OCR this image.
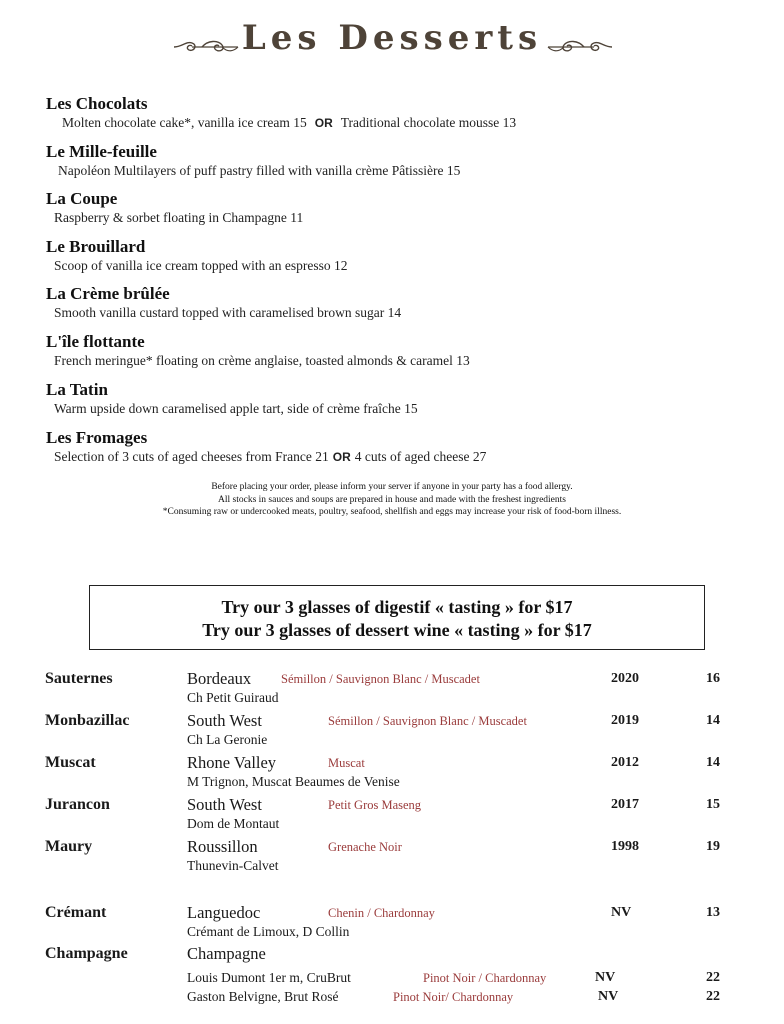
Les Desserts
Les Chocolats
Molten chocolate cake*, vanilla ice cream 15 OR Traditional chocolate mousse 13
Le Mille-feuille
Napoléon Multilayers of puff pastry filled with vanilla crème Pâtissière 15
La Coupe
Raspberry & sorbet floating in Champagne 11
Le Brouillard
Scoop of vanilla ice cream topped with an espresso 12
La Crème brûlée
Smooth vanilla custard topped with caramelised brown sugar 14
L'île flottante
French meringue* floating on crème anglaise, toasted almonds & caramel 13
La Tatin
Warm upside down caramelised apple tart, side of crème fraîche 15
Les Fromages
Selection of 3 cuts of aged cheeses from France 21 OR 4 cuts of aged cheese 27
Before placing your order, please inform your server if anyone in your party has a food allergy.
All stocks in sauces and soups are prepared in house and made with the freshest ingredients
*Consuming raw or undercooked meats, poultry, seafood, shellfish and eggs may increase your risk of food-born illness.
Try our 3 glasses of digestif « tasting » for $17
Try our 3 glasses of dessert wine « tasting » for $17
Sauternes	Bordeaux Sémillon / Sauvignon Blanc / Muscadet	2020	16
Ch Petit Guiraud
Monbazillac	South West	Sémillon / Sauvignon Blanc / Muscadet	2019	14
Ch La Geronie
Muscat	Rhone Valley	Muscat	2012	14
M Trignon, Muscat Beaumes de Venise
Jurancon	South West	Petit Gros Maseng	2017	15
Dom de Montaut
Maury	Roussillon	Grenache Noir	1998	19
Thunevin-Calvet
Crémant	Languedoc	Chenin / Chardonnay	NV	13
Crémant de Limoux, D Collin
Champagne	Champagne
Louis Dumont 1er m, CruBrut	Pinot Noir / Chardonnay	NV	22
Gaston Belvigne, Brut Rosé	Pinot Noir/ Chardonnay	NV	22
